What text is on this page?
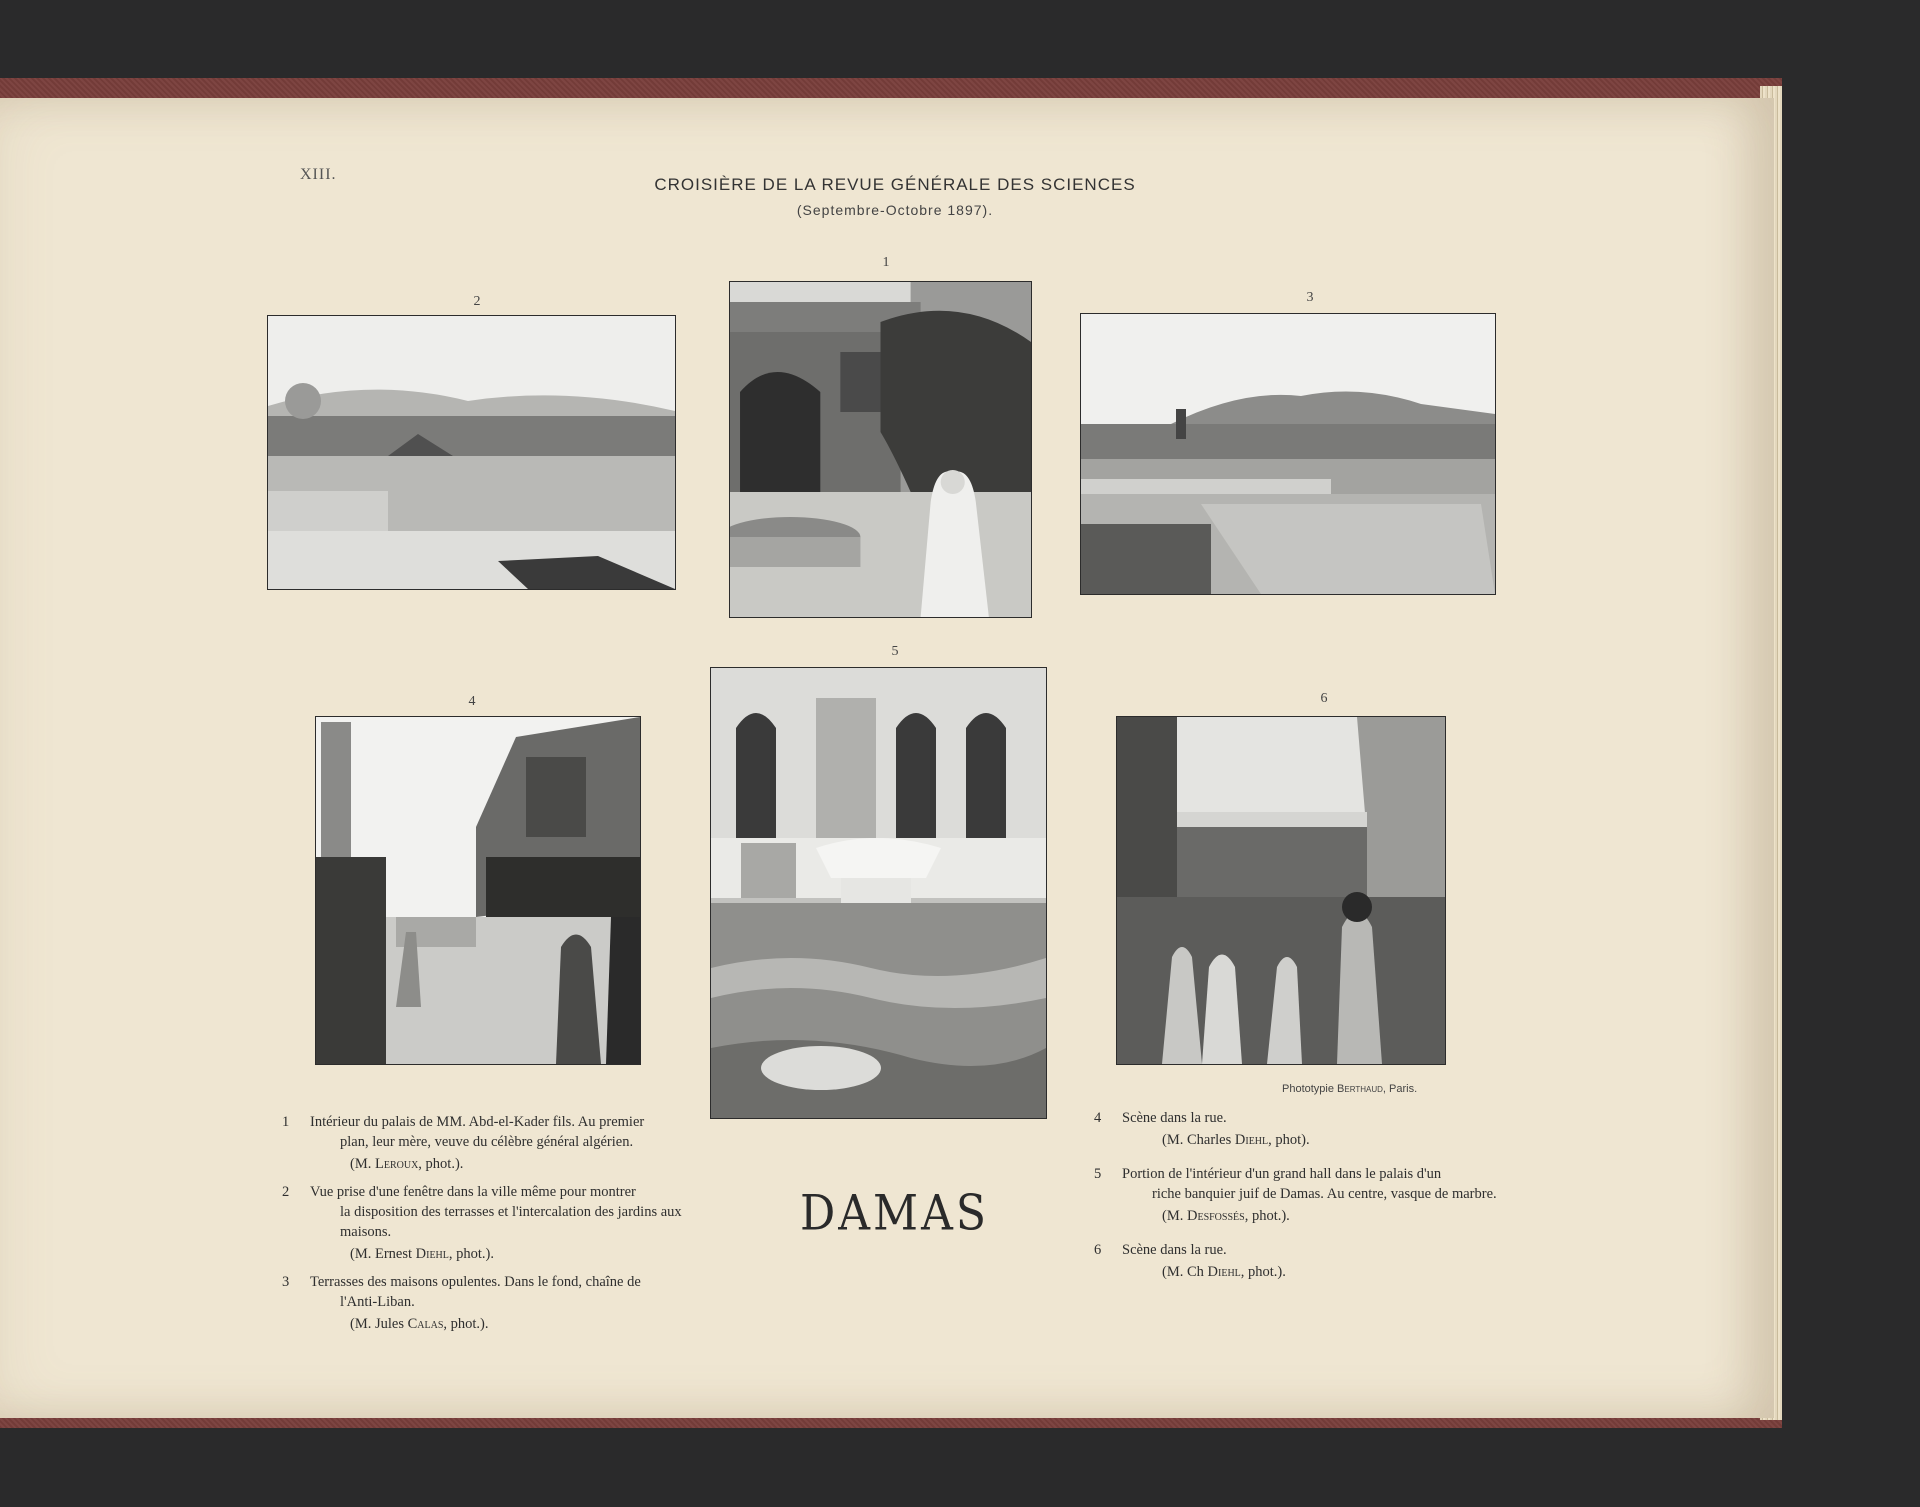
XIII.
CROISIÈRE DE LA REVUE GÉNÉRALE DES SCIENCES
(Septembre-Octobre 1897).
1
2	3
4
5
6
1	Intérieur du palais de MM. Abd-el-Kader fils. Au premier
plan, leur mère, veuve du célèbre général algérien.
(M. Leroux, phot.).
2	Vue prise d'une fenêtre dans la ville même pour montrer
la disposition des terrasses et l'intercalation des jardins aux maisons.
(M. Ernest Diehl, phot.).
3	Terrasses des maisons opulentes. Dans le fond, chaîne de
l'Anti-Liban.
(M. Jules Calas, phot.).
DAMAS
Phototypie Berthaud, Paris.
4	Scène dans la rue.
(M. Charles Diehl, phot).
5	Portion de l'intérieur d'un grand hall dans le palais d'un
riche banquier juif de Damas. Au centre, vasque de marbre.
(M. Desfossés, phot.).
6	Scène dans la rue.
(M. Ch Diehl, phot.).
